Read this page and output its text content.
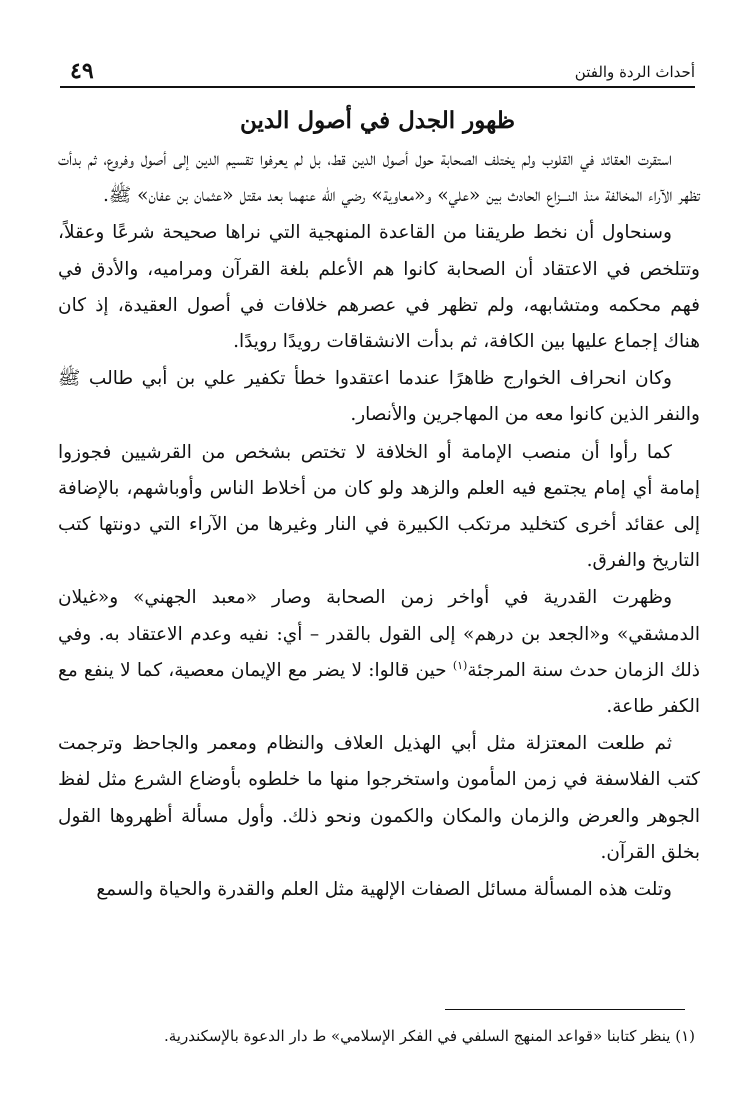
٤٩	أحداث الردة والفتن
ظهور الجدل في أصول الدين

استقرت العقائد في القلوب ولم يختلف الصحابة حول أصول الدين قط، بل لم يعرفوا تقسيم الدين إلى أصول وفروع، ثم بدأت تظهر الآراء المخالفة منذ النـــزاع الحادث بين «علي» و«معاوية» رضي الله عنهما بعد مقتل «عثمان بن عفان» ﷺ.

وسنحاول أن نخط طريقنا من القاعدة المنهجية التي نراها صحيحة شرعًا وعقلاً، وتتلخص في الاعتقاد أن الصحابة كانوا هم الأعلم بلغة القرآن ومراميه، والأدق في فهم محكمه ومتشابهه، ولم تظهر في عصرهم خلافات في أصول العقيدة، إذ كان هناك إجماع عليها بين الكافة، ثم بدأت الانشقاقات رويدًا رويدًا.

وكان انحراف الخوارج ظاهرًا عندما اعتقدوا خطأ تكفير علي بن أبي طالب ﷺ والنفر الذين كانوا معه من المهاجرين والأنصار.

كما رأوا أن منصب الإمامة أو الخلافة لا تختص بشخص من القرشيين فجوزوا إمامة أي إمام يجتمع فيه العلم والزهد ولو كان من أخلاط الناس وأوباشهم، بالإضافة إلى عقائد أخرى كتخليد مرتكب الكبيرة في النار وغيرها من الآراء التي دونتها كتب التاريخ والفرق.

وظهرت القدرية في أواخر زمن الصحابة وصار «معبد الجهني» و«غيلان الدمشقي» و«الجعد بن درهم» إلى القول بالقدر – أي: نفيه وعدم الاعتقاد به. وفي ذلك الزمان حدث سنة المرجئة$^{(١)}$ حين قالوا: لا يضر مع الإيمان معصية، كما لا ينفع مع الكفر طاعة.

ثم طلعت المعتزلة مثل أبي الهذيل العلاف والنظام ومعمر والجاحظ وترجمت كتب الفلاسفة في زمن المأمون واستخرجوا منها ما خلطوه بأوضاع الشرع مثل لفظ الجوهر والعرض والزمان والمكان والكمون ونحو ذلك. وأول مسألة أظهروها القول بخلق القرآن.

وتلت هذه المسألة مسائل الصفات الإلهية مثل العلم والقدرة والحياة والسمع

(١) ينظر كتابنا «قواعد المنهج السلفي في الفكر الإسلامي» ط دار الدعوة بالإسكندرية.
